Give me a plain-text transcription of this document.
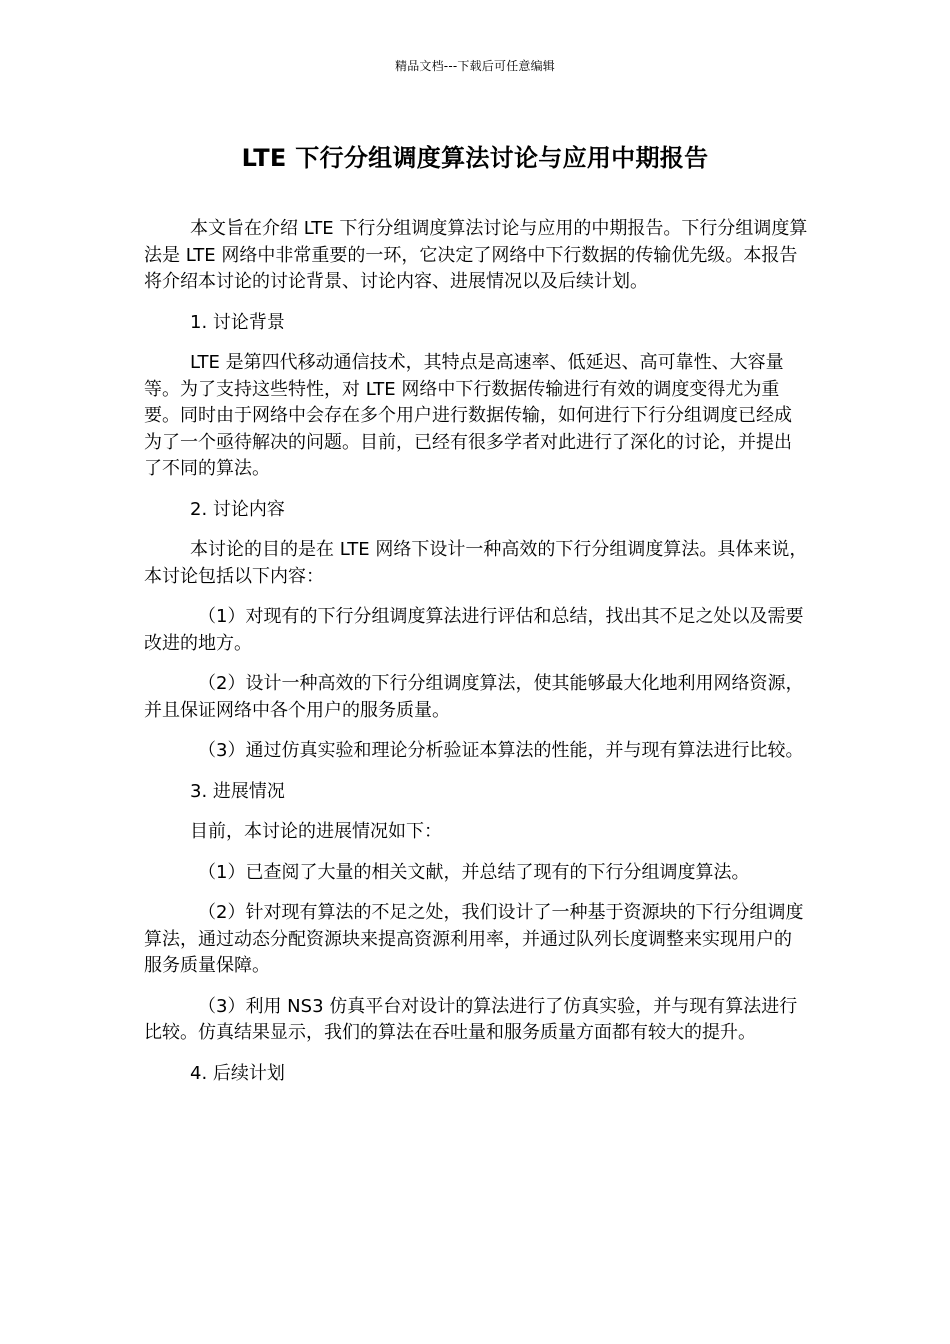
精品文档---下载后可任意编辑
LTE 下行分组调度算法讨论与应用中期报告

本文旨在介绍 LTE 下行分组调度算法讨论与应用的中期报告。下行分组调度算法是 LTE 网络中非常重要的一环，它决定了网络中下行数据的传输优先级。本报告将介绍本讨论的讨论背景、讨论内容、进展情况以及后续计划。

1. 讨论背景

LTE 是第四代移动通信技术，其特点是高速率、低延迟、高可靠性、大容量等。为了支持这些特性，对 LTE 网络中下行数据传输进行有效的调度变得尤为重要。同时由于网络中会存在多个用户进行数据传输，如何进行下行分组调度已经成为了一个亟待解决的问题。目前，已经有很多学者对此进行了深化的讨论，并提出了不同的算法。

2. 讨论内容

本讨论的目的是在 LTE 网络下设计一种高效的下行分组调度算法。具体来说，本讨论包括以下内容：

（1）对现有的下行分组调度算法进行评估和总结，找出其不足之处以及需要改进的地方。

（2）设计一种高效的下行分组调度算法，使其能够最大化地利用网络资源，并且保证网络中各个用户的服务质量。

（3）通过仿真实验和理论分析验证本算法的性能，并与现有算法进行比较。

3. 进展情况

目前，本讨论的进展情况如下：

（1）已查阅了大量的相关文献，并总结了现有的下行分组调度算法。

（2）针对现有算法的不足之处，我们设计了一种基于资源块的下行分组调度算法，通过动态分配资源块来提高资源利用率，并通过队列长度调整来实现用户的服务质量保障。

（3）利用 NS3 仿真平台对设计的算法进行了仿真实验，并与现有算法进行比较。仿真结果显示，我们的算法在吞吐量和服务质量方面都有较大的提升。

4. 后续计划
